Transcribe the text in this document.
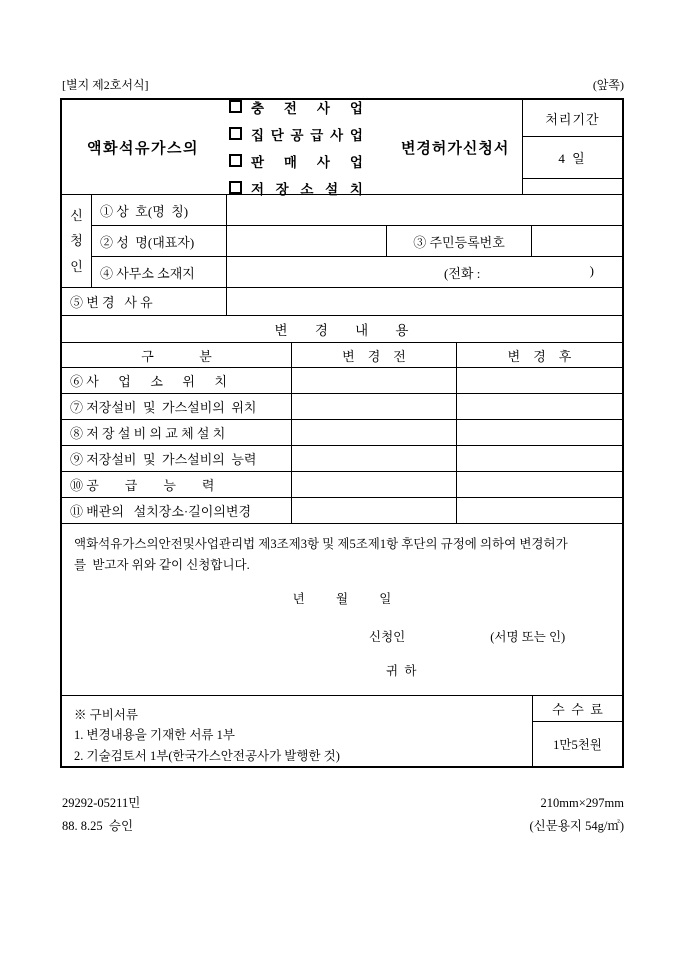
[별지 제2호서식]	(앞쪽)
액화석유가스의
충 전 사 업
집 단 공 급 사 업
판 매 사 업
저 장 소 설 치
변경허가신청서
처리기간
4 일
신청인
① 상  호(명  칭)
② 성  명(대표자)	③ 주민등록번호
④ 사무소 소재지	(전화 :	)
⑤ 변 경   사 유
변      경      내      용
구              분	변    경    전	변    경    후
⑥ 사      업      소      위      치
⑦ 저장설비  및  가스설비의  위치
⑧ 저 장 설 비 의 교 체 설 치
⑨ 저장설비  및  가스설비의  능력
⑩ 공        급        능        력
⑪ 배관의   설치장소·길이의변경
액화석유가스의안전및사업관리법 제3조제3항 및 제5조제1항 후단의 규정에 의하여 변경허가
를  받고자 위와 같이 신청합니다.
년          월          일
신청인	(서명 또는 인)
귀  하
※ 구비서류
1. 변경내용을 기재한 서류 1부
2. 기술검토서 1부(한국가스안전공사가 발행한 것)
수  수  료
1만5천원
29292-05211민
88. 8.25  승인
210mm×297mm
(신문용지 54g/㎡)
